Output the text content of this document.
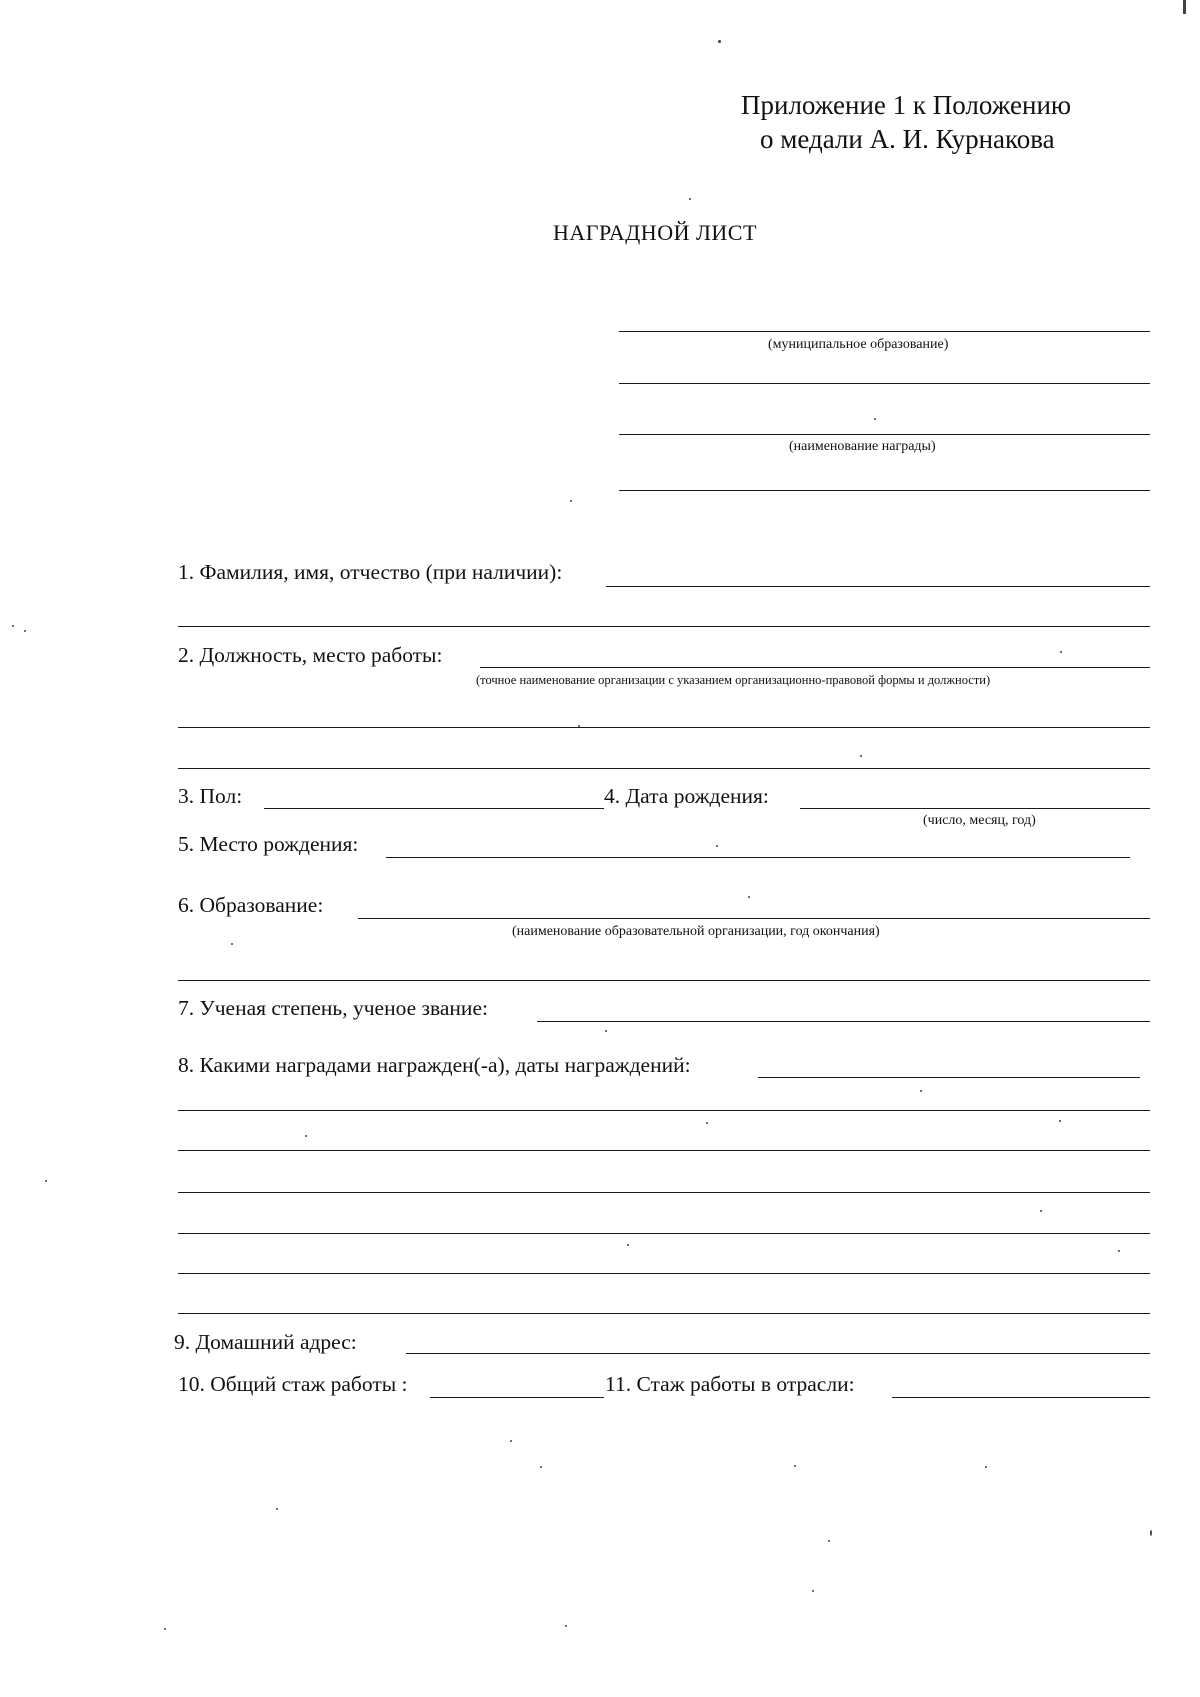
Приложение 1 к Положению
о медали А. И. Курнакова
НАГРАДНОЙ ЛИСТ
(муниципальное образование)
(наименование награды)
1. Фамилия, имя, отчество (при наличии):
2. Должность, место работы:
(точное наименование организации с указанием организационно-правовой формы и должности)
3. Пол:	4. Дата рождения:
(число, месяц, год)
5. Место рождения:
6. Образование:
(наименование образовательной организации, год окончания)
7. Ученая степень, ученое звание:
8. Какими наградами награжден(-а), даты награждений:
9. Домашний адрес:
10. Общий стаж работы :	11. Стаж работы в отрасли:
